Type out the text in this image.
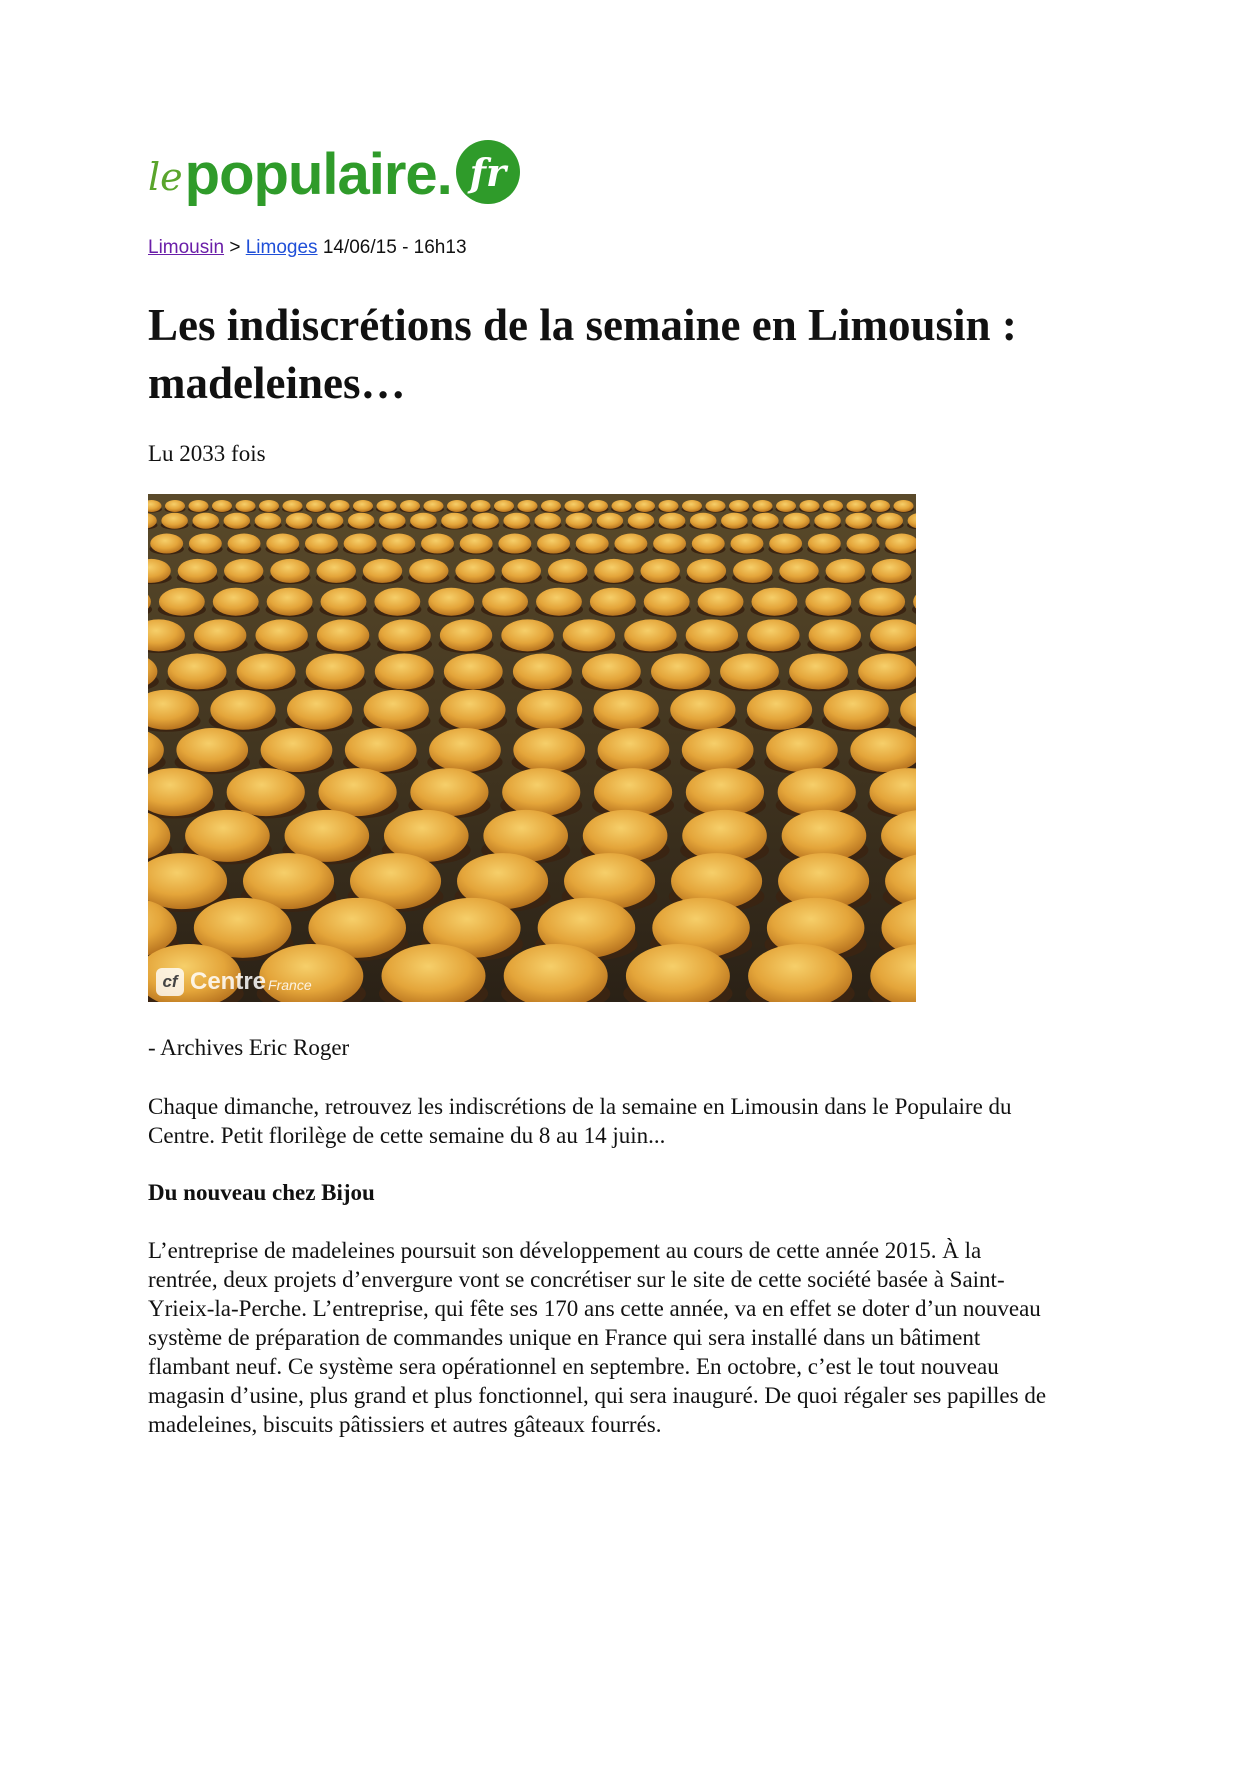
le populaire. fr
Limousin > Limoges 14/06/15 - 16h13
Les indiscrétions de la semaine en Limousin : madeleines…
Lu 2033 fois
cf Centre France
- Archives Eric Roger

Chaque dimanche, retrouvez les indiscrétions de la semaine en Limousin dans le Populaire du Centre. Petit florilège de cette semaine du 8 au 14 juin...

Du nouveau chez Bijou

L’entreprise de madeleines poursuit son développement au cours de cette année 2015. À la rentrée, deux projets d’envergure vont se concrétiser sur le site de cette société basée à Saint-Yrieix-la-Perche. L’entreprise, qui fête ses 170 ans cette année, va en effet se doter d’un nouveau système de préparation de commandes unique en France qui sera installé dans un bâtiment flambant neuf. Ce système sera opérationnel en septembre. En octobre, c’est le tout nouveau magasin d’usine, plus grand et plus fonctionnel, qui sera inauguré. De quoi régaler ses papilles de madeleines, biscuits pâtissiers et autres gâteaux fourrés.
